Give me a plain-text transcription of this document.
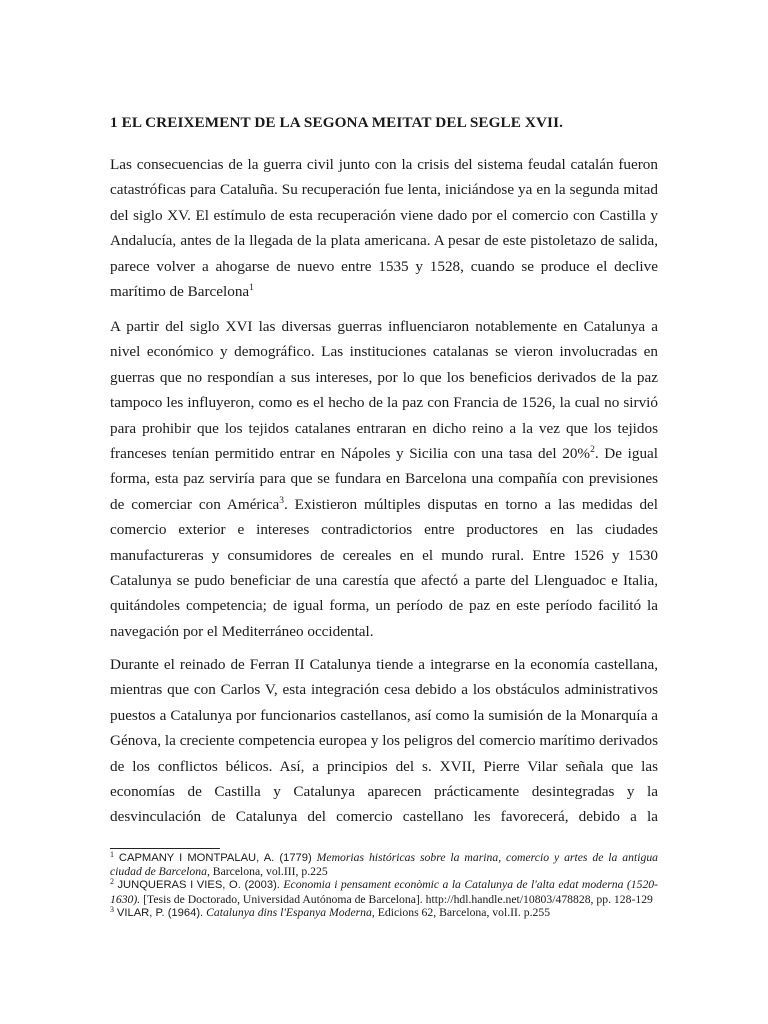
1 EL CREIXEMENT DE LA SEGONA MEITAT DEL SEGLE XVII.

Las consecuencias de la guerra civil junto con la crisis del sistema feudal catalán fueron catastróficas para Cataluña. Su recuperación fue lenta, iniciándose ya en la segunda mitad del siglo XV. El estímulo de esta recuperación viene dado por el comercio con Castilla y Andalucía, antes de la llegada de la plata americana. A pesar de este pistoletazo de salida, parece volver a ahogarse de nuevo entre 1535 y 1528, cuando se produce el declive marítimo de Barcelona$^1$

A partir del siglo XVI las diversas guerras influenciaron notablemente en Catalunya a nivel económico y demográfico. Las instituciones catalanas se vieron involucradas en guerras que no respondían a sus intereses, por lo que los beneficios derivados de la paz tampoco les influyeron, como es el hecho de la paz con Francia de 1526, la cual no sirvió para prohibir que los tejidos catalanes entraran en dicho reino a la vez que los tejidos franceses tenían permitido entrar en Nápoles y Sicilia con una tasa del 20%$^2$. De igual forma, esta paz serviría para que se fundara en Barcelona una compañía con previsiones de comerciar con América$^3$. Existieron múltiples disputas en torno a las medidas del comercio exterior e intereses contradictorios entre productores en las ciudades manufactureras y consumidores de cereales en el mundo rural. Entre 1526 y 1530 Catalunya se pudo beneficiar de una carestía que afectó a parte del Llenguadoc e Italia, quitándoles competencia; de igual forma, un período de paz en este período facilitó la navegación por el Mediterráneo occidental.

Durante el reinado de Ferran II Catalunya tiende a integrarse en la economía castellana, mientras que con Carlos V, esta integración cesa debido a los obstáculos administrativos puestos a Catalunya por funcionarios castellanos, así como la sumisión de la Monarquía a Génova, la creciente competencia europea y los peligros del comercio marítimo derivados de los conflictos bélicos. Así, a principios del s. XVII, Pierre Vilar señala que las economías de Castilla y Catalunya aparecen prácticamente desintegradas y la desvinculación de Catalunya del comercio castellano les favorecerá, debido a la

$^1$ CAPMANY I MONTPALAU, A. (1779) Memorias históricas sobre la marina, comercio y artes de la antigua ciudad de Barcelona, Barcelona, vol.III, p.225

$^2$ JUNQUERAS I VIES, O. (2003). Economia i pensament econòmic a la Catalunya de l'alta edat moderna (1520-1630). [Tesis de Doctorado, Universidad Autónoma de Barcelona]. http://hdl.handle.net/10803/478828, pp. 128-129

$^3$ VILAR, P. (1964). Catalunya dins l'Espanya Moderna, Edicions 62, Barcelona, vol.II. p.255
